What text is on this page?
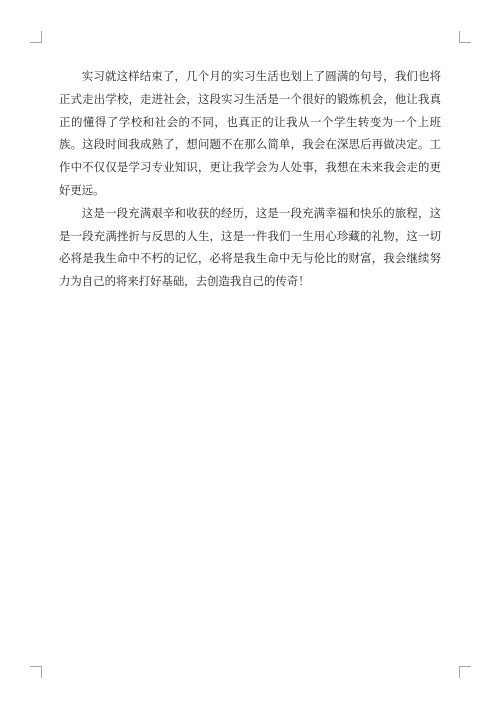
实习就这样结束了，几个月的实习生活也划上了圆满的句号，我们也将正式走出学校，走进社会，这段实习生活是一个很好的锻炼机会，他让我真正的懂得了学校和社会的不同，也真正的让我从一个学生转变为一个上班族。这段时间我成熟了，想问题不在那么简单，我会在深思后再做决定。工作中不仅仅是学习专业知识，更让我学会为人处事，我想在未来我会走的更好更远。

这是一段充满艰辛和收获的经历，这是一段充满幸福和快乐的旅程，这是一段充满挫折与反思的人生，这是一件我们一生用心珍藏的礼物，这一切必将是我生命中不朽的记忆，必将是我生命中无与伦比的财富，我会继续努力为自己的将来打好基础，去创造我自己的传奇！
